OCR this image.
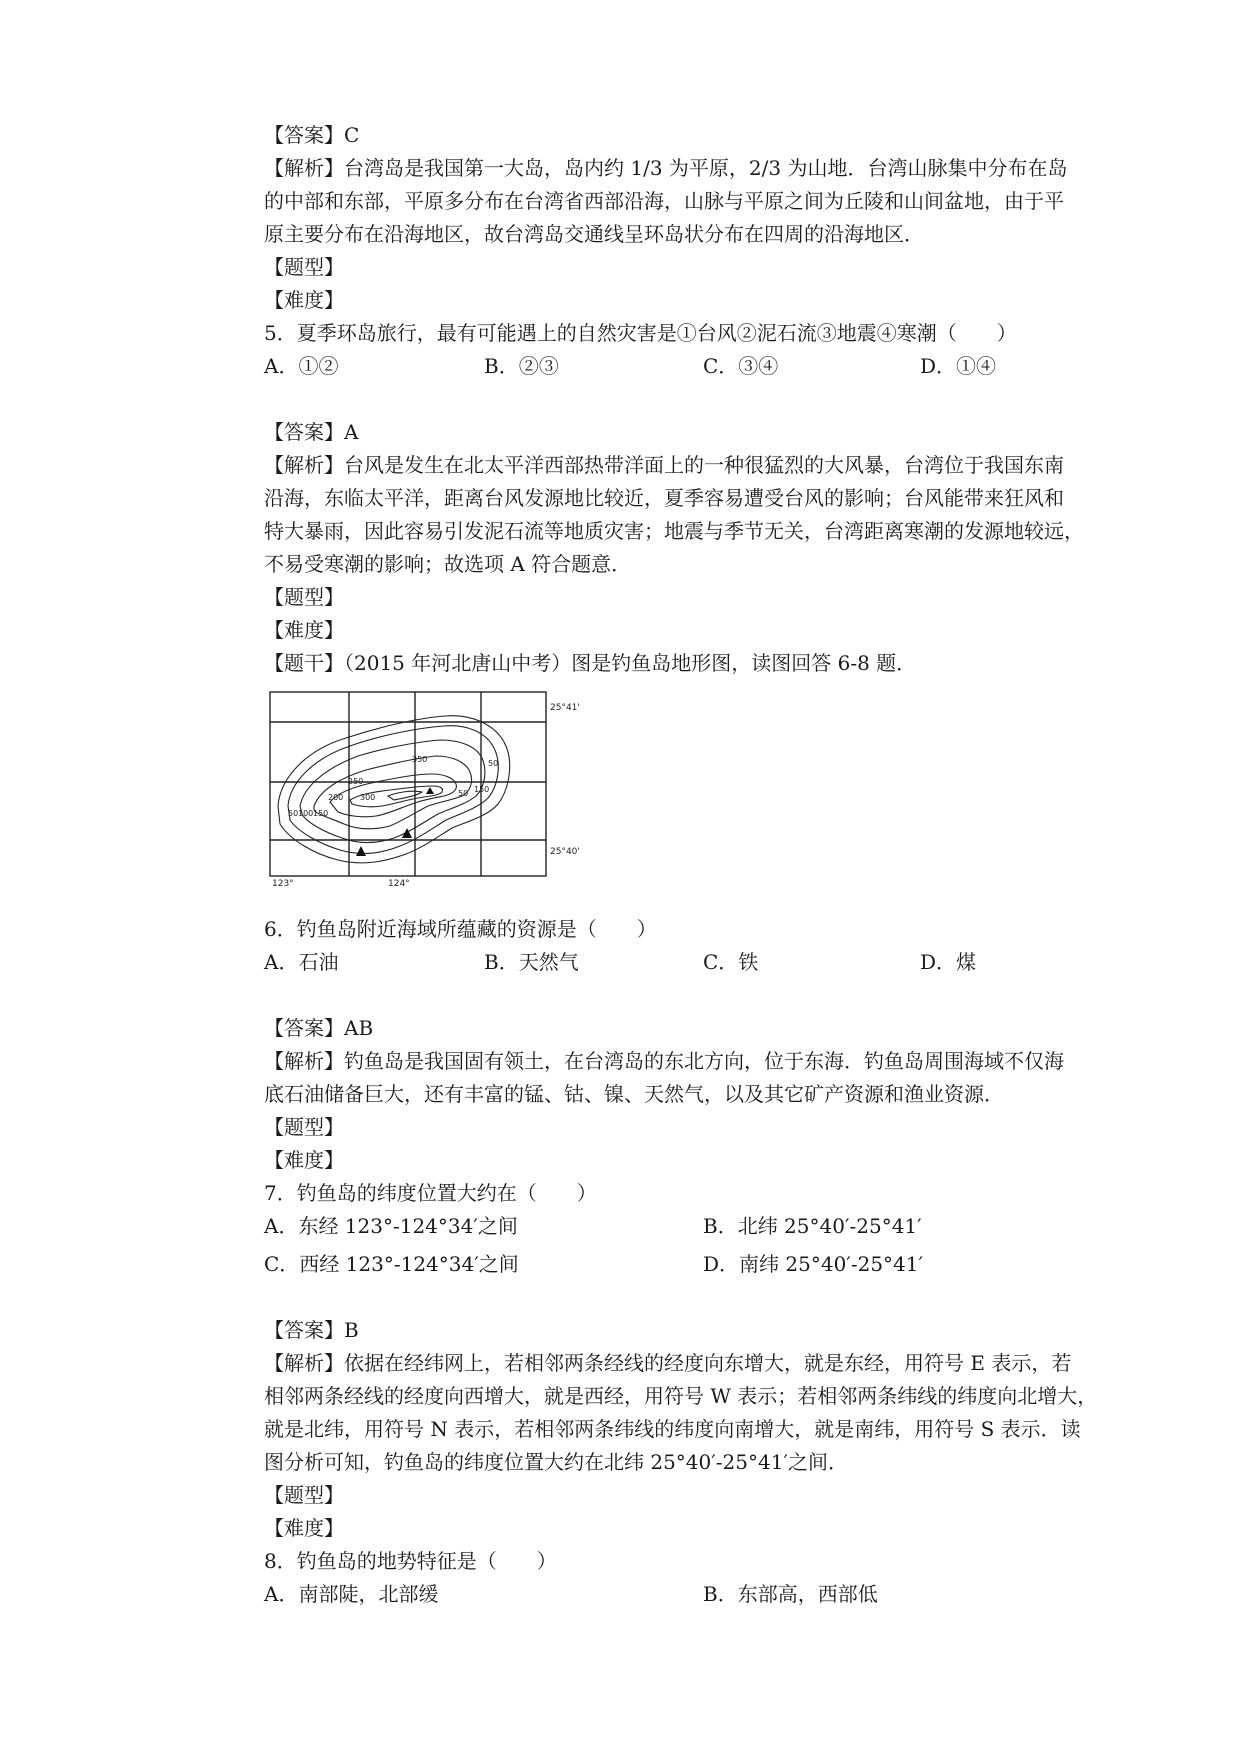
【答案】C
【解析】台湾岛是我国第一大岛，岛内约 1/3 为平原，2/3 为山地．台湾山脉集中分布在岛
的中部和东部，平原多分布在台湾省西部沿海，山脉与平原之间为丘陵和山间盆地，由于平
原主要分布在沿海地区，故台湾岛交通线呈环岛状分布在四周的沿海地区．
【题型】
【难度】
5．夏季环岛旅行，最有可能遇上的自然灾害是①台风②泥石流③地震④寒潮（　　）
A．①②	B．②③	C．③④	D．①④
【答案】A
【解析】台风是发生在北太平洋西部热带洋面上的一种很猛烈的大风暴，台湾位于我国东南
沿海，东临太平洋，距离台风发源地比较近，夏季容易遭受台风的影响；台风能带来狂风和
特大暴雨，因此容易引发泥石流等地质灾害；地震与季节无关，台湾距离寒潮的发源地较远，
不易受寒潮的影响；故选项 A 符合题意．
【题型】
【难度】
【题干】（2015 年河北唐山中考）图是钓鱼岛地形图，读图回答 6-8 题．
50 100 150
200
250
300
350
150
50
50
25°41'
25°40'
123°	124°
6．钓鱼岛附近海域所蕴藏的资源是（　　）
A．石油	B．天然气	C．铁	D．煤
【答案】AB
【解析】钓鱼岛是我国固有领土，在台湾岛的东北方向，位于东海．钓鱼岛周围海域不仅海
底石油储备巨大，还有丰富的锰、钴、镍、天然气，以及其它矿产资源和渔业资源．
【题型】
【难度】
7．钓鱼岛的纬度位置大约在（　　）
A．东经 123°-124°34′之间	B．北纬 25°40′-25°41′
C．西经 123°-124°34′之间	D．南纬 25°40′-25°41′
【答案】B
【解析】依据在经纬网上，若相邻两条经线的经度向东增大，就是东经，用符号 E 表示，若
相邻两条经线的经度向西增大，就是西经，用符号 W 表示；若相邻两条纬线的纬度向北增大，
就是北纬，用符号 N 表示，若相邻两条纬线的纬度向南增大，就是南纬，用符号 S 表示．读
图分析可知，钓鱼岛的纬度位置大约在北纬 25°40′-25°41′之间．
【题型】
【难度】
8．钓鱼岛的地势特征是（　　）
A．南部陡，北部缓	B．东部高，西部低
